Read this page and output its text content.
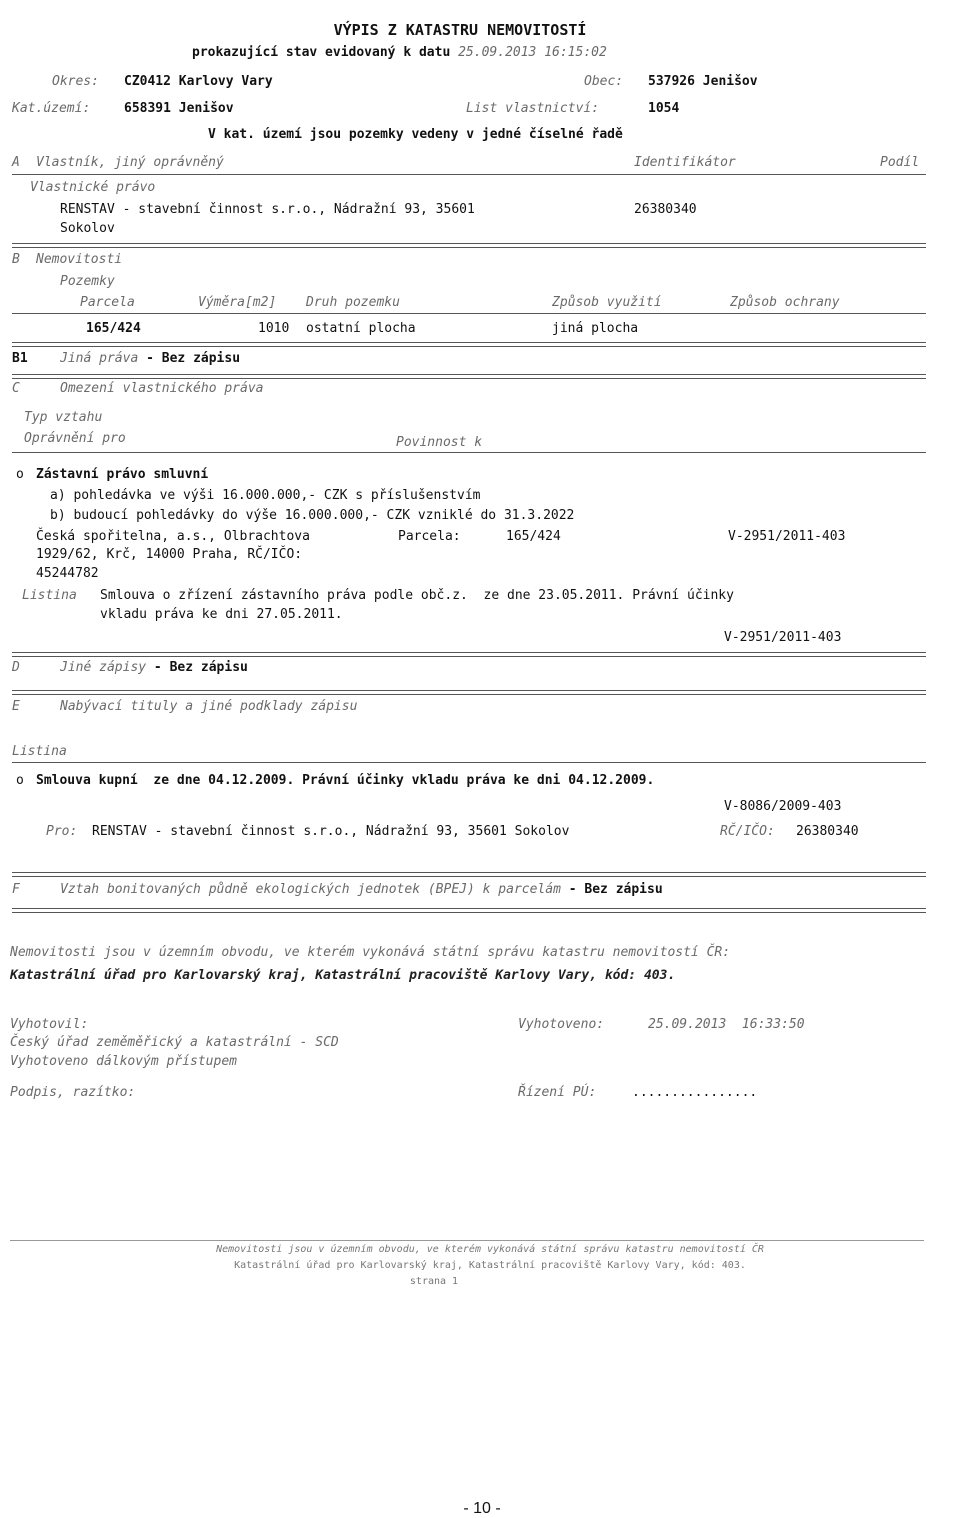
VÝPIS Z KATASTRU NEMOVITOSTÍ
prokazující stav evidovaný k datu 25.09.2013 16:15:02
Okres: CZ0412 Karlovy Vary	Obec: 537926 Jenišov
Kat.území:	658391 Jenišov	List vlastnictví:	1054
V kat. území jsou pozemky vedeny v jedné číselné řadě
A Vlastník, jiný oprávněný	Identifikátor	Podíl
Vlastnické právo
RENSTAV - stavební činnost s.r.o., Nádražní 93, 35601
Sokolov
26380340
B Nemovitosti
Pozemky
Parcela	Výměra[m2] Druh pozemku	Způsob využití	Způsob ochrany
165/424	1010 ostatní plocha	jiná plocha
B1 Jiná práva - Bez zápisu
C	Omezení vlastnického práva
Typ vztahu
Oprávnění pro	Povinnost k
o Zástavní právo smluvní
a) pohledávka ve výši 16.000.000,- CZK s příslušenstvím
b) budoucí pohledávky do výše 16.000.000,- CZK vzniklé do 31.3.2022
Česká spořitelna, a.s., Olbrachtova	Parcela:	165/424	V-2951/2011-403
1929/62, Krč, 14000 Praha, RČ/IČO:
45244782
Listina Smlouva o zřízení zástavního práva podle obč.z.  ze dne 23.05.2011. Právní účinky
vkladu práva ke dni 27.05.2011.
V-2951/2011-403
D	Jiné zápisy - Bez zápisu
E	Nabývací tituly a jiné podklady zápisu
Listina
o Smlouva kupní  ze dne 04.12.2009. Právní účinky vkladu práva ke dni 04.12.2009.
V-8086/2009-403
Pro: RENSTAV - stavební činnost s.r.o., Nádražní 93, 35601 Sokolov	RČ/IČO: 26380340
F	Vztah bonitovaných půdně ekologických jednotek (BPEJ) k parcelám - Bez zápisu
Nemovitosti jsou v územním obvodu, ve kterém vykonává státní správu katastru nemovitostí ČR:
Katastrální úřad pro Karlovarský kraj, Katastrální pracoviště Karlovy Vary, kód: 403.
Vyhotovil:
Český úřad zeměměřický a katastrální - SCD
Vyhotoveno dálkovým přístupem
Vyhotoveno:	25.09.2013  16:33:50
Podpis, razítko:	Řízení PÚ:	................
Nemovitosti jsou v územním obvodu, ve kterém vykonává státní správu katastru nemovitostí ČR
Katastrální úřad pro Karlovarský kraj, Katastrální pracoviště Karlovy Vary, kód: 403.
strana 1
- 10 -
